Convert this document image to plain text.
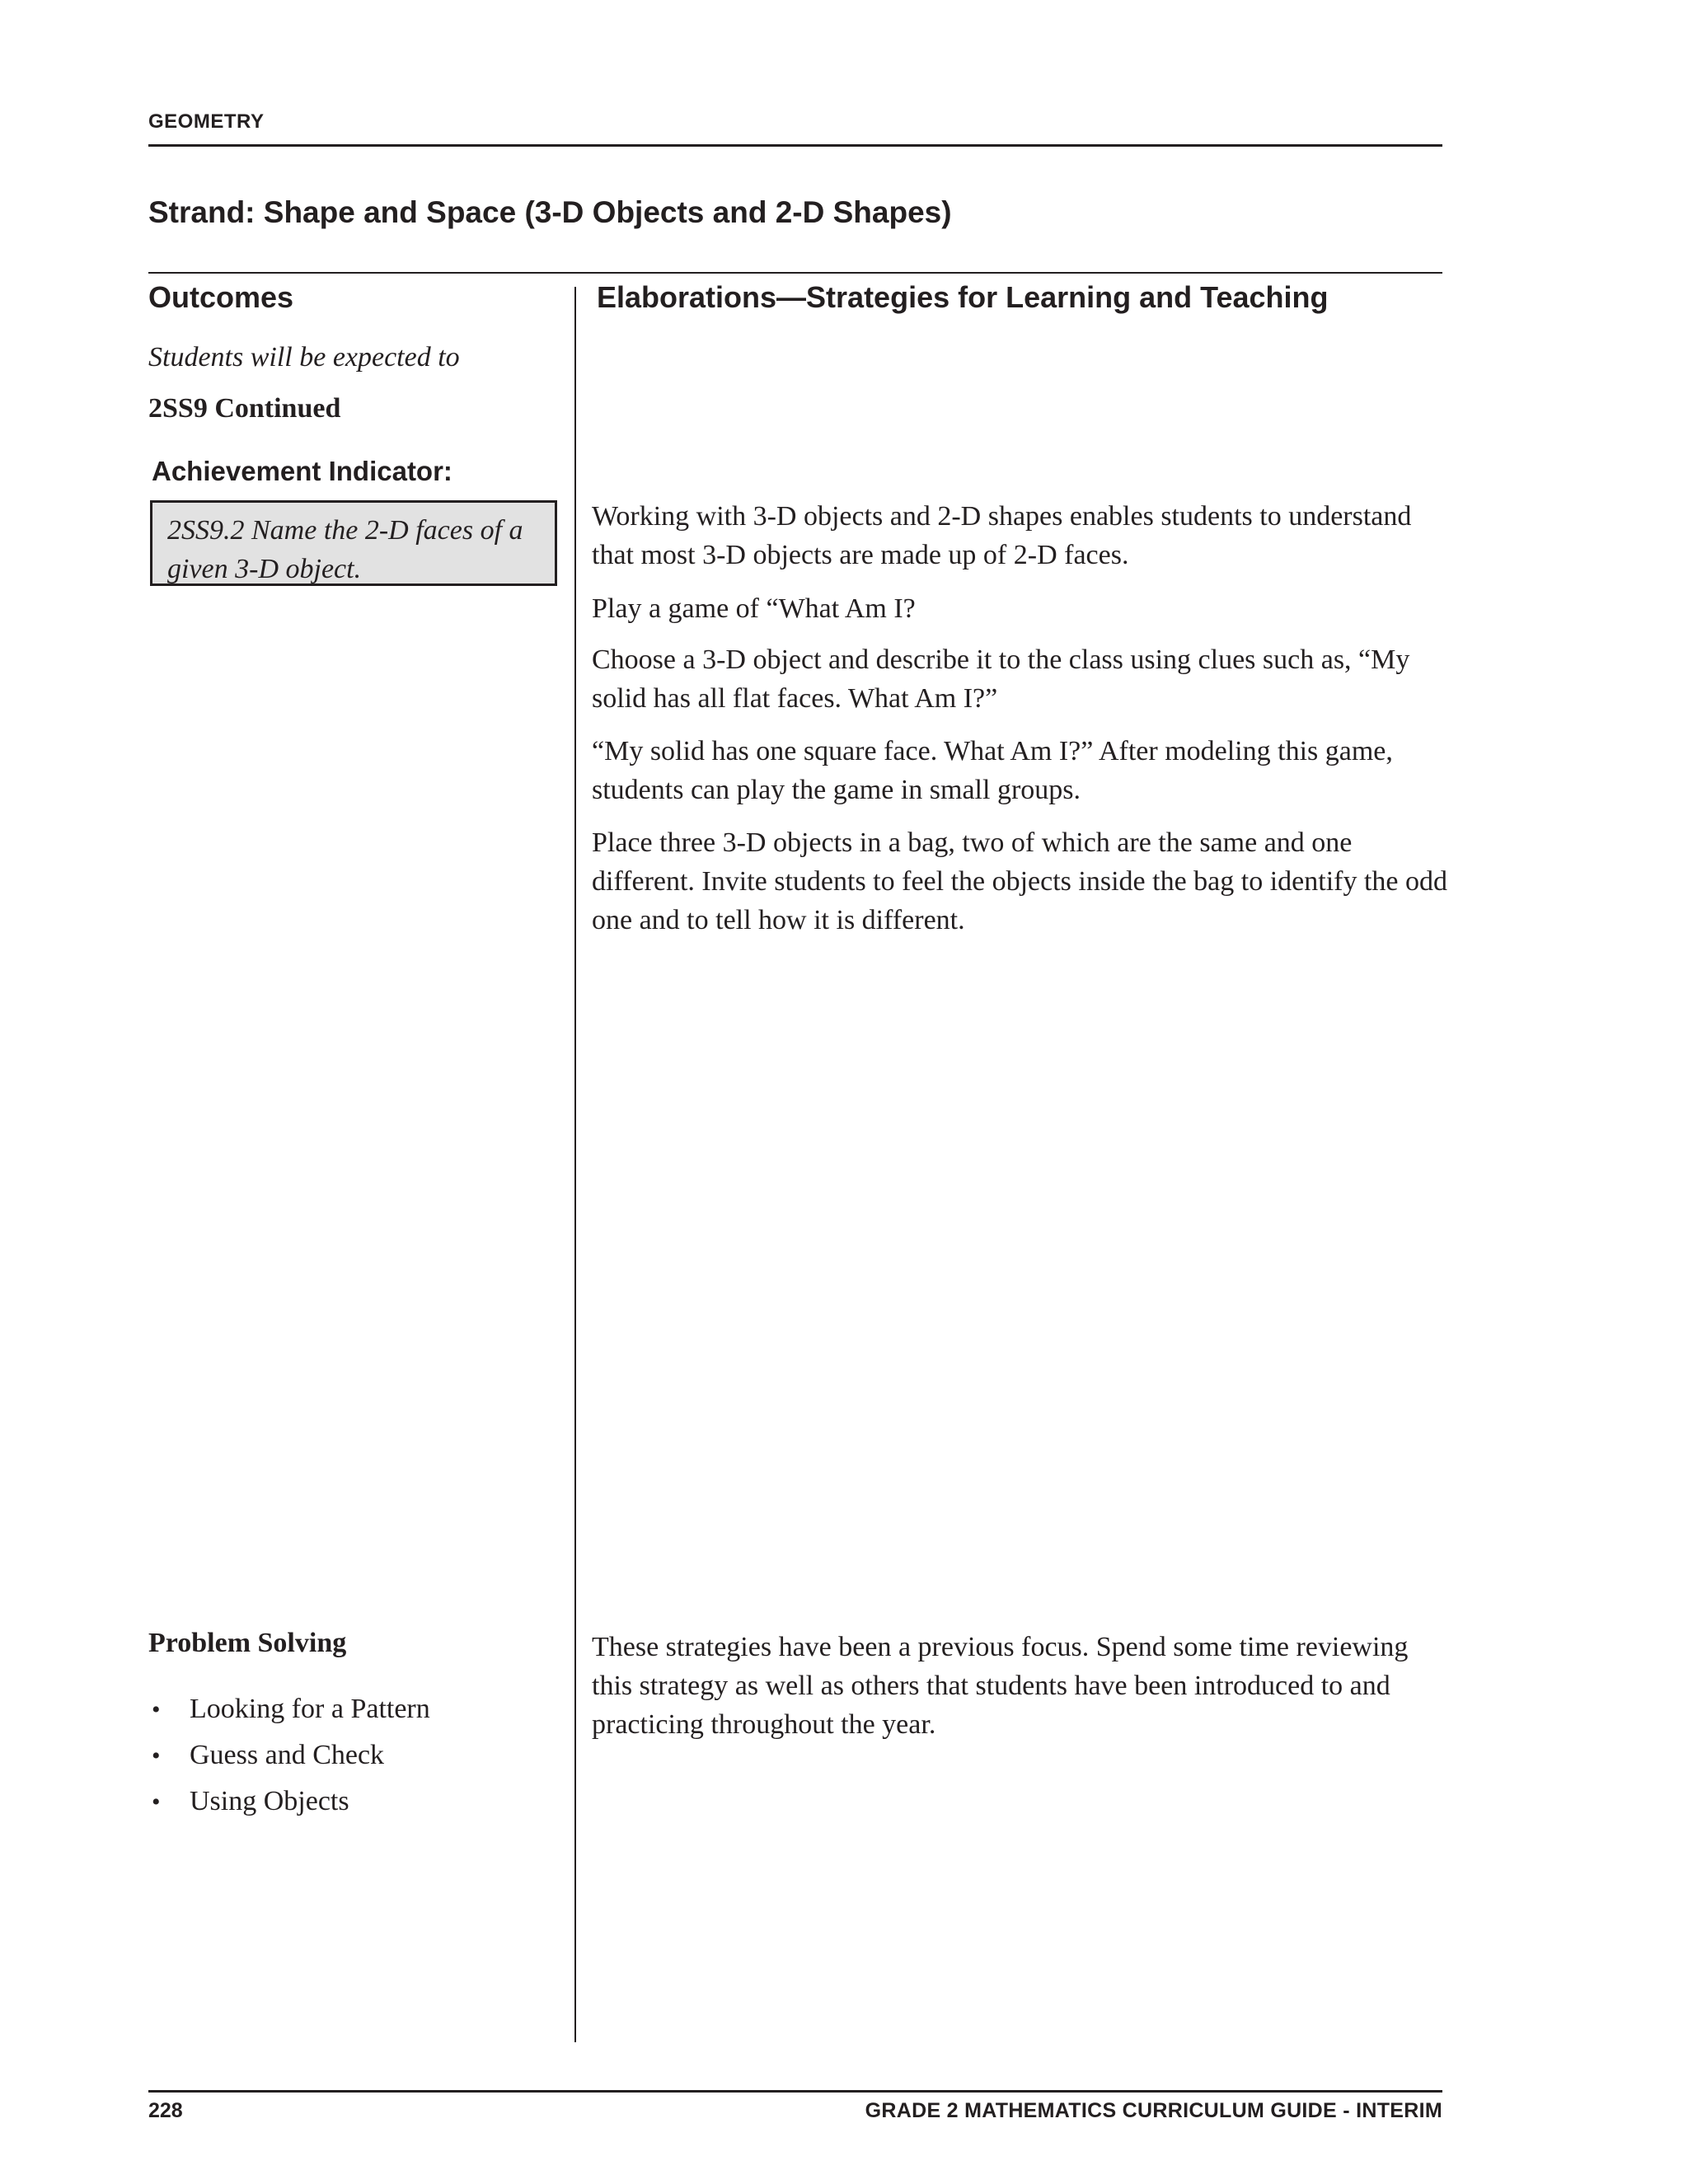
GEOMETRY
Strand: Shape and Space (3-D Objects and 2-D Shapes)
Outcomes	Elaborations—Strategies for Learning and Teaching
Students will be expected to
2SS9 Continued
Achievement Indicator:

2SS9.2 Name the 2-D faces of a given 3-D object.

Working with 3-D objects and 2-D shapes enables students to understand that most 3-D objects are made up of 2-D faces.

Play a game of “What Am I?

Choose a 3-D object and describe it to the class using clues such as, “My solid has all flat faces. What Am I?”

“My solid has one square face. What Am I?” After modeling this game, students can play the game in small groups.

Place three 3-D objects in a bag, two of which are the same and one different. Invite students to feel the objects inside the bag to identify the odd one and to tell how it is different.

Problem Solving
•	Looking for a Pattern
•	Guess and Check
•	Using Objects

These strategies have been a previous focus. Spend some time reviewing this strategy as well as others that students have been introduced to and practicing throughout the year.

228	GRADE 2 MATHEMATICS CURRICULUM GUIDE - INTERIM
